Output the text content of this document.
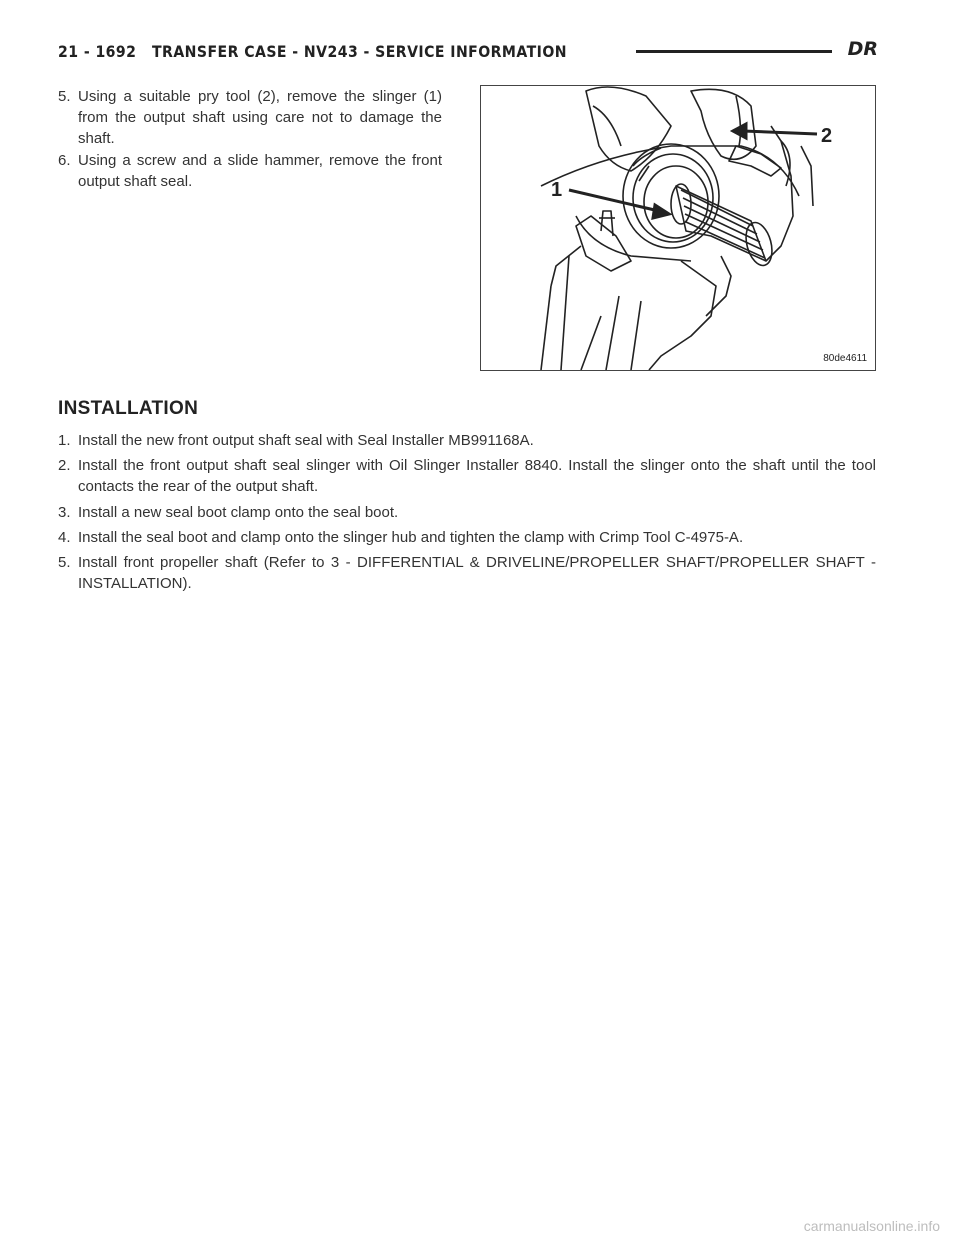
21 - 1692 TRANSFER CASE - NV243 - SERVICE INFORMATION	DR
5. Using a suitable pry tool (2), remove the slinger (1) from the output shaft using care not to damage the shaft.
6. Using a screw and a slide hammer, remove the front output shaft seal.	1
2
80de4611
INSTALLATION
1. Install the new front output shaft seal with Seal Installer MB991168A.
2. Install the front output shaft seal slinger with Oil Slinger Installer 8840. Install the slinger onto the shaft until the tool contacts the rear of the output shaft.
3. Install a new seal boot clamp onto the seal boot.
4. Install the seal boot and clamp onto the slinger hub and tighten the clamp with Crimp Tool C-4975-A.
5. Install front propeller shaft (Refer to 3 - DIFFERENTIAL & DRIVELINE/PROPELLER SHAFT/PROPELLER SHAFT - INSTALLATION).
carmanualsonline.info
